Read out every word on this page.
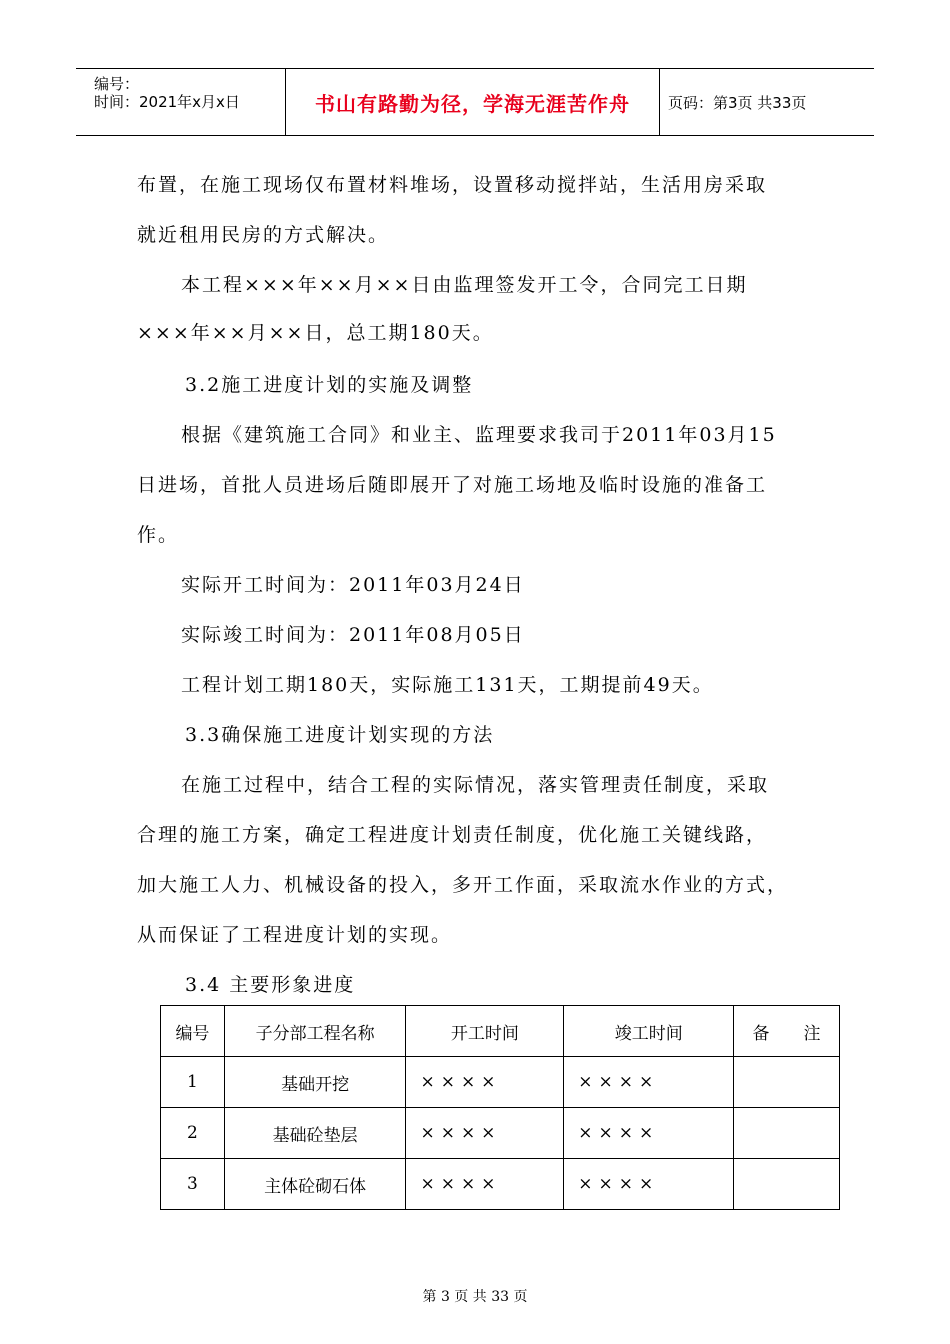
编号：
时间：2021年x月x日	书山有路勤为径，学海无涯苦作舟	页码：第3页 共33页
布置，在施工现场仅布置材料堆场，设置移动搅拌站，生活用房采取
就近租用民房的方式解决。
本工程×××年××月××日由监理签发开工令，合同完工日期
×××年××月××日，总工期180天。
3.2施工进度计划的实施及调整
根据《建筑施工合同》和业主、监理要求我司于2011年03月15
日进场，首批人员进场后随即展开了对施工场地及临时设施的准备工
作。
实际开工时间为：2011年03月24日
实际竣工时间为：2011年08月05日
工程计划工期180天，实际施工131天，工期提前49天。
3.3确保施工进度计划实现的方法
在施工过程中，结合工程的实际情况，落实管理责任制度，采取
合理的施工方案，确定工程进度计划责任制度，优化施工关键线路，
加大施工人力、机械设备的投入，多开工作面，采取流水作业的方式，
从而保证了工程进度计划的实现。
3.4 主要形象进度
编号	子分部工程名称	开工时间	竣工时间	备　　注
1	基础开挖	××××	××××	
2	基础砼垫层	××××	××××	
3	主体砼砌石体	××××	××××	
第 3 页 共 33 页
